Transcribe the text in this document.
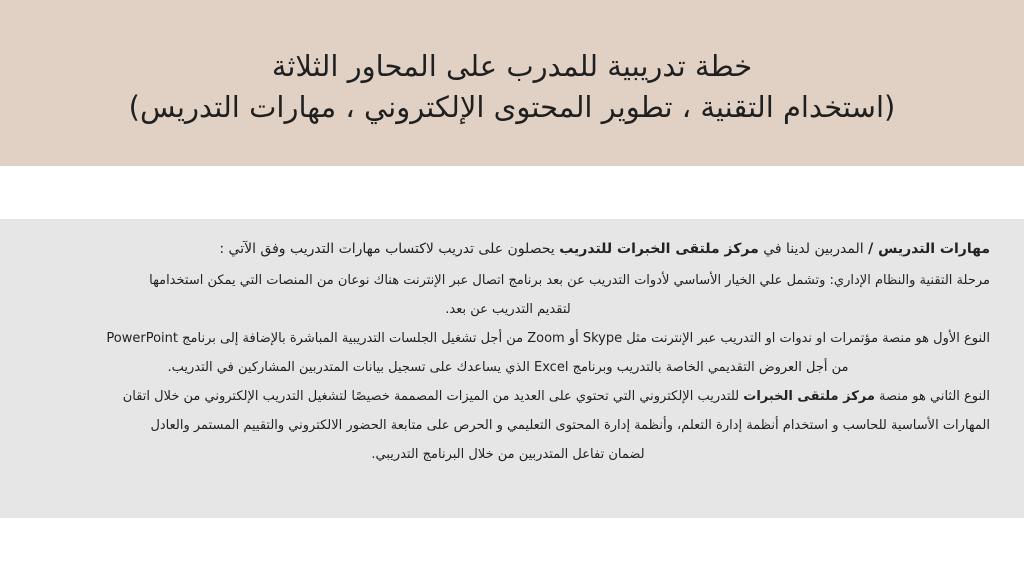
خطة تدريبية للمدرب على المحاور الثلاثة
(استخدام التقنية ، تطوير المحتوى الإلكتروني ، مهارات التدريس)
مهارات التدريس / المدربين لدينا في مركز ملتقى الخبرات للتدريب يحصلون على تدريب لاكتساب مهارات التدريب وفق الآتي :
مرحلة التقنية والنظام الإداري: وتشمل علي الخيار الأساسي لأدوات التدريب عن بعد برنامج اتصال عبر الإنترنت هناك نوعان من المنصات التي يمكن استخدامها
لتقديم التدريب عن بعد.
النوع الأول هو منصة مؤتمرات او ندوات او التدريب عبر الإنترنت مثل Skype أو Zoom من أجل تشغيل الجلسات التدريبية المباشرة بالإضافة إلى برنامج PowerPoint
من أجل العروض التقديمي الخاصة بالتدريب وبرنامج Excel الذي يساعدك على تسجيل بيانات المتدربين المشاركين في التدريب.
النوع الثاني هو منصة مركز ملتقى الخبرات للتدريب الإلكتروني التي تحتوي على العديد من الميزات المصممة خصيصًا لتشغيل التدريب الإلكتروني من خلال اتقان
المهارات الأساسية للحاسب و استخدام أنظمة إدارة التعلم، وأنظمة إدارة المحتوى التعليمي و الحرص على متابعة الحضور الالكتروني والتقييم المستمر والعادل
لضمان تفاعل المتدربين من خلال البرنامج التدريبي.
